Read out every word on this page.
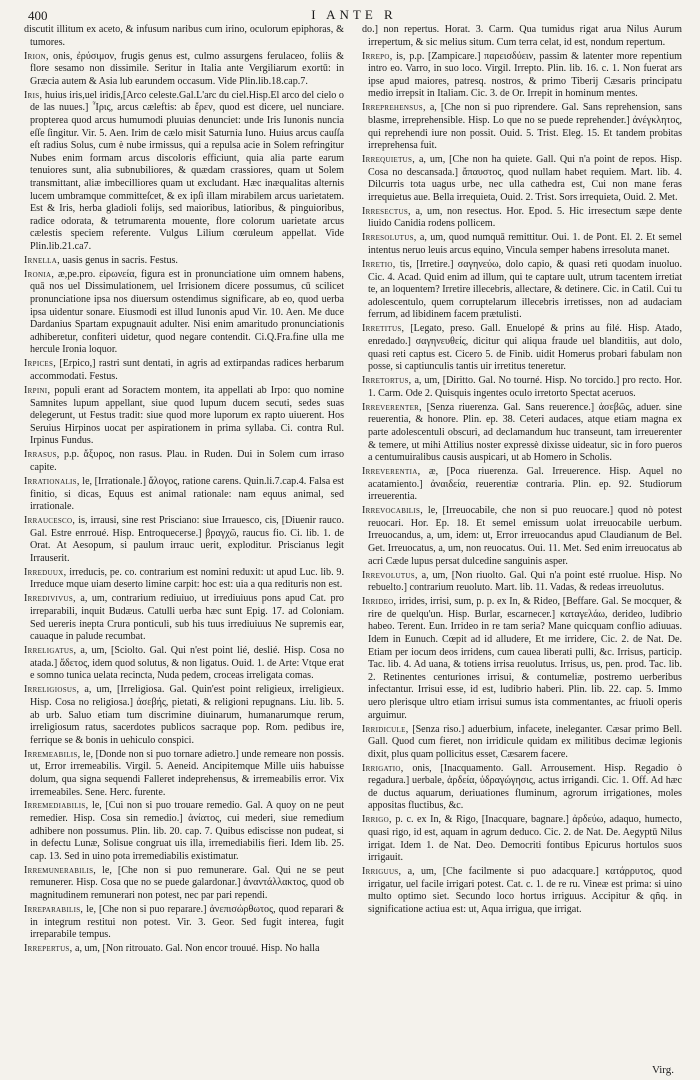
400	I ANTE R

discutit illitum ex aceto, & infusum naribus cum irino, oculorum epiphoras, & tumores.

Irion, onis, ἐρύσιμον, frugis genus est, culmo assurgens ferulaceo, foliis & flore sesamo non dissimile. Seritur in Italia ante Vergiliarum exortū: in Græcia autem & Asia lub earundem occasum. Vide Plin.lib.18.cap.7.

Iris, huius iris,uel iridis,[Arco celeste.Gal.L'arc du ciel.Hisp.El arco del cielo o de las nuues.] Ἶρις, arcus cæleftis: ab ἔρεν, quod est dicere, uel nunciare. propterea quod arcus humumodi pluuias denunciet: unde Iris Iunonis nuncia eſſe ſingitur. Vir. 5. Aen. Irim de cælo misit Saturnia Iuno. Huius arcus cauſſa eſt radius Solus, cum è nube irmissus, qui a repulsa acie in Solem refringitur Nubes enim formam arcus discoloris efficiunt, quia alia parte earum tenuiores sunt, alia subnubiliores, & quædam crassiores, quam ut Solem transmittant, aliæ imbecilliores quam ut excludant. Hæc inæqualitas alternis lucem umbramque committeſcet, & ex ipſi illam mirabilem arcus uarietatem. Est & Iris, herba gladioli folijs, sed maioribus, latioribus, & pinguioribus, radice odorata, & tetrumarenta mouente, flore colorum uarietate arcus cælestis speciem referente. Vulgus Lilium cœruleum appellat. Vide Plin.lib.21.ca7.

Irnella, uasis genus in sacris. Festus.

Ironia, æ,pe.pro. εἰρωνεία, figura est in pronunciatione uim omnem habens, quā nos uel Dissimulationem, uel Irrisionem dicere possumus, cū scilicet pronunciatione ipsa nos diuersum ostendimus significare, ab eo, quod uerba ipsa uidentur sonare. Eiusmodi est illud Iunonis apud Vir. 10. Aen. Me duce Dardanius Spartam expugnauit adulter. Nisi enim amaritudo pronunciationis adhiberetur, confiteri uidetur, quod negare contendit. Ci.Q.Fra.fine ulla me hercule Ironia loquor.

Irpices, [Erpico,] rastri sunt dentati, in agris ad extirpandas radices herbarum accommodati. Festus.

Irpini, populi erant ad Soractem montem, ita appellati ab Irpo: quo nomine Samnites lupum appellant, siue quod lupum ducem secuti, sedes suas delegerunt, ut Festus tradit: siue quod more luporum ex rapto uiuerent. Hos Seruius Hirpinos uocat per aspirationem in prima syllaba. Ci. contra Rul. Irpinus Fundus.

Irrasus, p.p. ἄξυρος, non rasus. Plau. in Ruden. Dui in Solem cum irraso capite.

Irrationalis, le, [Irrationale.] ἄλογος, ratione carens. Quin.li.7.cap.4. Falsa est finitio, si dicas, Equus est animal rationale: nam equus animal, sed irrationale.

Irraucesco, is, irrausi, sine rest Prisciano: siue Irrauesco, cis, [Diuenir rauco. Gal. Estre enrroué. Hisp. Entroquecerse.] βραγχῶ, raucus fio. Ci. lib. 1. de Orat. At Aesopum, si paulum irrauc uerit, exploditur. Priscianus legit Irrauserit.

Irreduux, irreducis, pe. co. contrarium est nomini reduxit: ut apud Luc. lib. 9. Irreduce mque uiam deserto limine carpit: hoc est: uia a qua redituris non est.

Irredivivus, a, um, contrarium rediuiuo, ut irrediuiuus pons apud Cat. pro irreparabili, inquit Budæus. Catulli uerba hæc sunt Epig. 17. ad Coloniam. Sed uereris inepta Crura ponticuli, sub his tuus irrediuiuus Ne supremis ear, cauaque in palude recumbat.

Irreligatus, a, um, [Sciolto. Gal. Qui n'est point lié, deslié. Hisp. Cosa no atada.] ἄδετος, idem quod solutus, & non ligatus. Ouid. 1. de Arte: Vtque erat e somno tunica uelata recincta, Nuda pedem, croceas irreligata comas.

Irreligiosus, a, um, [Irreligiosa. Gal. Quin'est point religieux, irreligieux. Hisp. Cosa no religiosa.] ἀσεβής, pietati, & religioni repugnans. Liu. lib. 5. ab urb. Saluo etiam tum discrimine diuinarum, humanarumque rerum, irreligiosum ratus, sacerdotes publicos sacraque pop. Rom. pedibus ire, ferrique se & bonis in uehiculo conspici.

Irremeabilis, le, [Donde non si puo tornare adietro.] unde remeare non possis. ut, Error irremeabilis. Virgil. 5. Aeneid. Ancipitemque Mille uiis habuisse dolum, qua signa sequendi Falleret indeprehensus, & irremeabilis error. Vix irremeabiles. Sene. Herc. furente.

Irremediabilis, le, [Cui non si puo trouare remedio. Gal. A quoy on ne peut remedier. Hisp. Cosa sin remedio.] ἀνίατος, cui mederi, siue remedium adhibere non possumus. Plin. lib. 20. cap. 7. Quibus ediscisse non pudeat, si in defectu Lunæ, Solisue congruat uis illa, irremediabilis fieri. Idem lib. 25. cap. 13. Sed in uino pota irremediabilis existimatur.

Irremunerabilis, le, [Che non si puo remunerare. Gal. Qui ne se peut remunerer. Hisp. Cosa que no se puede galardonar.] ἀναντάλλακτος, quod ob magnitudinem remunerari non potest, nec par pari rependi.

Irreparabilis, le, [Che non si puo reparare.] ἀνεπισώρθωτος, quod reparari & in integrum restitui non potest. Vir. 3. Geor. Sed fugit interea, fugit irreparabile tempus.

Irrepertus, a, um, [Non ritrouato. Gal. Non encor trouué. Hisp. No halla

do.] non repertus. Horat. 3. Carm. Qua tumidus rigat arua Nilus Aurum irrepertum, & sic melius situm. Cum terra celat, id est, nondum repertum.

Irrepo, is, p.p. [Zampicare.] παρεισδύειν, passim & latenter more repentium intro eo. Varro, in suo loco. Virgil. Irrepto. Plin. lib. 16. c. 1. Non fuerat ars ipse apud maiores, patresq. nostros, & primo Tiberij Cæsaris principatu medio irrepsit in Italiam. Cic. 3. de Or. Irrepit in hominum mentes.

Irreprehensus, a, [Che non si puo riprendere. Gal. Sans reprehension, sans blasme, irreprehensible. Hisp. Lo que no se puede reprehender.] ἀνέγκλητος, qui reprehendi iure non possit. Ouid. 5. Trist. Eleg. 15. Et tandem probitas irreprehensa fuit.

Irrequietus, a, um, [Che non ha quiete. Gall. Qui n'a point de repos. Hisp. Cosa no descansada.] ἄπαυστος, quod nullam habet requiem. Mart. lib. 4. Dilcurris tota uagus urbe, nec ulla cathedra est, Cui non mane feras irrequietus aue. Bella irrequieta, Ouid. 2. Trist. Sors irrequieta, Ouid. 2. Met.

Irresectus, a, um, non resectus. Hor. Epod. 5. Hic irresectum sæpe dente liuido Canidia rodens pollicem.

Irresolutus, a, um, quod numquā remittitur. Oui. 1. de Pont. El. 2. Et semel intentus neruo leuis arcus equino, Vincula semper habens irresoluta manet.

Irretio, tis, [Irretire.] σαγηνεύω, dolo capio, & quasi reti quodam inuoluo. Cic. 4. Acad. Quid enim ad illum, qui te captare uult, utrum tacentem irretiat te, an loquentem? Irretire illecebris, allectare, & detinere. Cic. in Catil. Cui tu adolescentulo, quem corruptelarum illecebris irretisses, non ad audaciam ferrum, ad libidinem facem prætulisti.

Irretitus, [Legato, preso. Gall. Enuelopé & prins au filé. Hisp. Atado, enredado.] σαγηνευθείς, dicitur qui aliqua fraude uel blanditiis, aut dolo, quasi reti captus est. Cicero 5. de Finib. uidit Homerus probari fabulam non posse, si captiunculis tantis uir irretitus teneretur.

Irretortus, a, um, [Diritto. Gal. No tourné. Hisp. No torcido.] pro recto. Hor. 1. Carm. Ode 2. Quisquis ingentes oculo irretorto Spectat aceruos.

Irreverenter, [Senza riuerenza. Gal. Sans reuerence.] ἀσεβῶς, aduer. sine reuerentia, & honore. Plin. ep. 38. Ceteri audaces, atque etiam magna ex parte adolescentuli obscuri, ad declamandum huc transeunt, tam irreuerenter & temere, ut mihi Attilius noster expressè dixisse uideatur, sic in foro pueros a centumuiralibus causis auspicari, ut ab Homero in Scholis.

Irreverentia, æ, [Poca riuerenza. Gal. Irreuerence. Hisp. Aquel no acatamiento.] ἀναιδεία, reuerentiæ contraria. Plin. ep. 92. Studiorum irreuerentia.

Irrevocabilis, le, [Irreuocabile, che non si puo reuocare.] quod nò potest reuocari. Hor. Ep. 18. Et semel emissum uolat irreuocabile uerbum. Irreuocandus, a, um, idem: ut, Error irreuocandus apud Claudianum de Bel. Get. Irreuocatus, a, um, non reuocatus. Oui. 11. Met. Sed enim irreuocatus ab acri Cæde lupus persat dulcedine sanguinis asper.

Irrevolutus, a, um, [Non riuolto. Gal. Qui n'a point esté rruolue. Hisp. No rebuelto.] contrarium reuoluto. Mart. lib. 11. Vadas, & redeas irreuolutus.

Irrideo, irrides, irrisi, sum, p. p. ex In, & Rideo, [Beffare. Gal. Se mocquer, & rire de quelqu'un. Hisp. Burlar, escarnecer.] καταγελάω, derideo, ludibrio habeo. Terent. Eun. Irrideo in re tam seria? Mane quicquam conflio adiuuas. Idem in Eunuch. Cœpit ad id alludere, Et me irridere, Cic. 2. de Nat. De. Etiam per iocum deos irridens, cum cauea liberati pulli, &c. Irrisus, particip. Tac. lib. 4. Ad uana, & totiens irrisa reuolutus. Irrisus, us, pen. prod. Tac. lib. 2. Retinentes centuriones irrisui, & contumeliæ, postremo uerberibus infectantur. Irrisui esse, id est, ludibrio haberi. Plin. lib. 22. cap. 5. Immo uero plerisque ultro etiam irrisui sumus ista commentantes, ac friuoli operis arguimur.

Irridicule, [Senza riso.] aduerbium, infacete, ineleganter. Cæsar primo Bell. Gall. Quod cum fieret, non irridicule quidam ex militibus decimæ legionis dixit, plus quam pollicitus esset, Cæsarem facere.

Irrigatio, onis, [Inacquamento. Gall. Arrousement. Hisp. Regadio ò regadura.] uerbale, ἀρδεία, ὑδραγώγησις, actus irrigandi. Cic. 1. Off. Ad hæc de ductus aquarum, deriuationes fluminum, agrorum irrigationes, moles appositas fluctibus, &c.

Irrigo, p. c. ex In, & Rigo, [Inacquare, bagnare.] ἀρδεύω, adaquo, humecto, quasi rigo, id est, aquam in agrum deduco. Cic. 2. de Nat. De. Aegyptū Nilus irrigat. Idem 1. de Nat. Deo. Democriti fontibus Epicurus hortulos suos irrigauit.

Irriguus, a, um, [Che facilmente si puo adacquare.] κατάρρυτος, quod irrigatur, uel facile irrigari potest. Cat. c. 1. de re ru. Vineæ est prima: si uino multo optimo siet. Secundo loco hortus irriguus. Accipitur & qñq. in significatione actiua est: ut, Aqua irrigua, que irrigat.

Virg.
